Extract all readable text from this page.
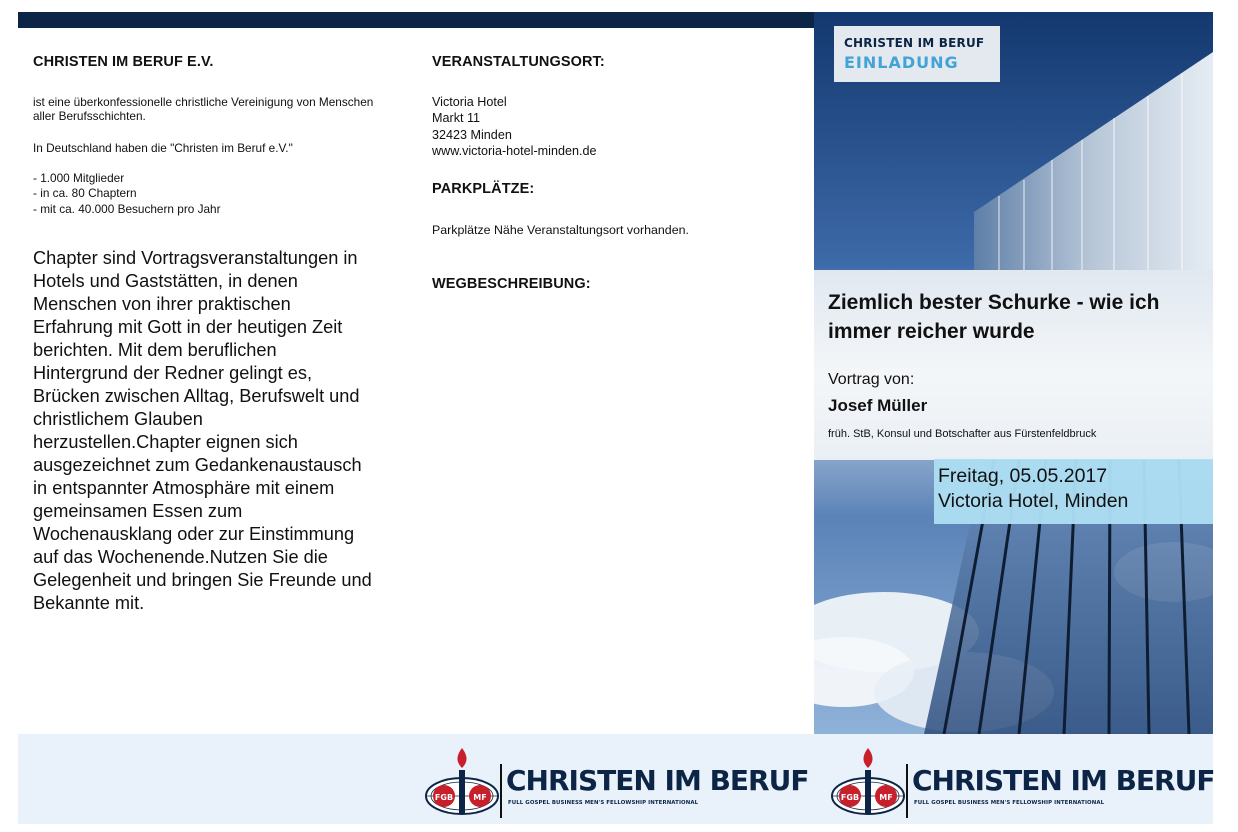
CHRISTEN IM BERUF E.V.

ist eine überkonfessionelle christliche Vereinigung von Menschen aller Berufsschichten.

In Deutschland haben die "Christen im Beruf e.V."

- 1.000 Mitglieder

- in ca. 80 Chaptern

- mit ca. 40.000 Besuchern pro Jahr

Chapter sind Vortragsveranstaltungen in Hotels und Gaststätten, in denen Menschen von ihrer praktischen Erfahrung mit Gott in der heutigen Zeit berichten. Mit dem beruflichen Hintergrund der Redner gelingt es, Brücken zwischen Alltag, Berufswelt und christlichem Glauben herzustellen.Chapter eignen sich ausgezeichnet zum Gedankenaustausch in entspannter Atmosphäre mit einem gemeinsamen Essen zum Wochenausklang oder zur Einstimmung auf das Wochenende.Nutzen Sie die Gelegenheit und bringen Sie Freunde und Bekannte mit.

VERANSTALTUNGSORT:

Victoria Hotel

Markt 11

32423 Minden

www.victoria-hotel-minden.de

PARKPLÄTZE:

Parkplätze Nähe Veranstaltungsort vorhanden.

WEGBESCHREIBUNG:
CHRISTEN IM BERUF
EINLADUNG
Ziemlich bester Schurke - wie ich immer reicher wurde
Vortrag von:
Josef Müller
früh. StB, Konsul und Botschafter aus Fürstenfeldbruck
Freitag, 05.05.2017
Victoria Hotel, Minden
FGB	MF
CHRISTEN IM BERUF
FULL GOSPEL BUSINESS MEN'S FELLOWSHIP INTERNATIONAL
FGB	MF
CHRISTEN IM BERUF
FULL GOSPEL BUSINESS MEN'S FELLOWSHIP INTERNATIONAL
